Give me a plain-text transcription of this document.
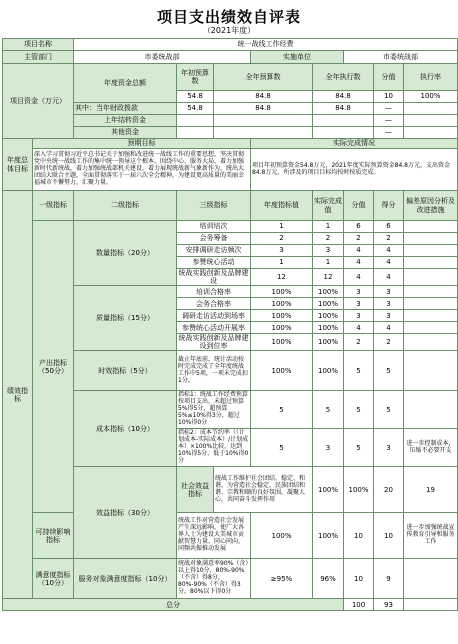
项目支出绩效自评表
（2021年度）
项目名称		统一战线工作经费								
主管部门		市委统战部			实施单位		市委统战部			
项目资金（万元）		年度资金总额	年初预算数	全年预算数		全年执行数		分值	执行率	
			54.8	84.8		84.8		10	100%	
		其中：当年财政拨款	54.8	84.8		84.8		—		
		上年结转资金						—		
		其他资金						—		
年度总体目标	预期目标				实际完成情况					
	深入学习贯彻习近平总书记关于加强和改进统一战线工作的重要思想，坚决贯彻党中央统一战线工作的集中统一领导这个根本，围绕中心、服务大局，着力加强新时代新统战，着力加强统战部机关建设，着力展现统战新气象新作为，统出大团结大联合主题，全面贯彻落实于一届六次全会精神，为建设更高质量的美丽幸福城市不懈努力，汇聚力量。				项目年初预算资金54.8万元，2021年度实际预算资金84.8万元，支出资金84.8万元，所涉及的项目目标均按时按质完成。					
绩效指标	一级指标	二级指标	三级指标		年度指标值	实际完成值	分值	得分	偏差原因分析及改进措施	
	产出指标（50分）	数量指标（20分）	培训培次		1	1	6	6		
			会务筹备		2	2	2	2		
			安排调研走访频次		3	3	4	4		
			参赞统心活动		1	1	4	4		
			统战实践创新及品牌建设		12	12	4	4		
		质量指标（15分）	培训合格率		100%	100%	3	3		
			会务合格率		100%	100%	3	3		
			调研走访活动到场率		100%	100%	3	3		
			参赞统心活动开展率		100%	100%	4	4		
			统战实践创新及品牌建设到位率		100%	100%	2	2		
		时效指标（5分）	截止年底前，统计活动按时完成完成了全年度统战工作中5项，一项未完成扣1分。		100%	100%	5	5		
		成本指标（10分）	指标1：统战工作经费预算按项目支出，未超过预算5%得5分，超预算5%≤10%得3分，超过10%得0分		5	5	5	5		
			指标2：成本节约率（（计划成本-实际成本）/计划成本）×100%比较，达到10%得5分，低于10%得0分		5	3	5	3	进一步控制成本，压缩不必要开支	
		效益指标（30分）	社会效益指标	统战工作维护社会团结、稳定、和谐，为营造社会稳定、民族团结和谐、宗教和顺的良好氛围，凝聚人心，共同奋斗发挥作用		100%	100%	20	19	
	可持续影响指标		统战工作对营造社会发展产生深远影响，使广大各界人士为建设大美城市贡献智慧力量，同心同向，同频共振推动发展		100%	100%	10	10	进一步加强统战宣传教育引导和服务工作	
	满意度指标（10分）	服务对象满意度指标（10分）	统战对象满意率90%（含）以上得10分，80%-90%（不含）得8分，80%-90%（不含）得3分，80%以下得0分		≥95%	96%	10	9		
总分							100	93		
